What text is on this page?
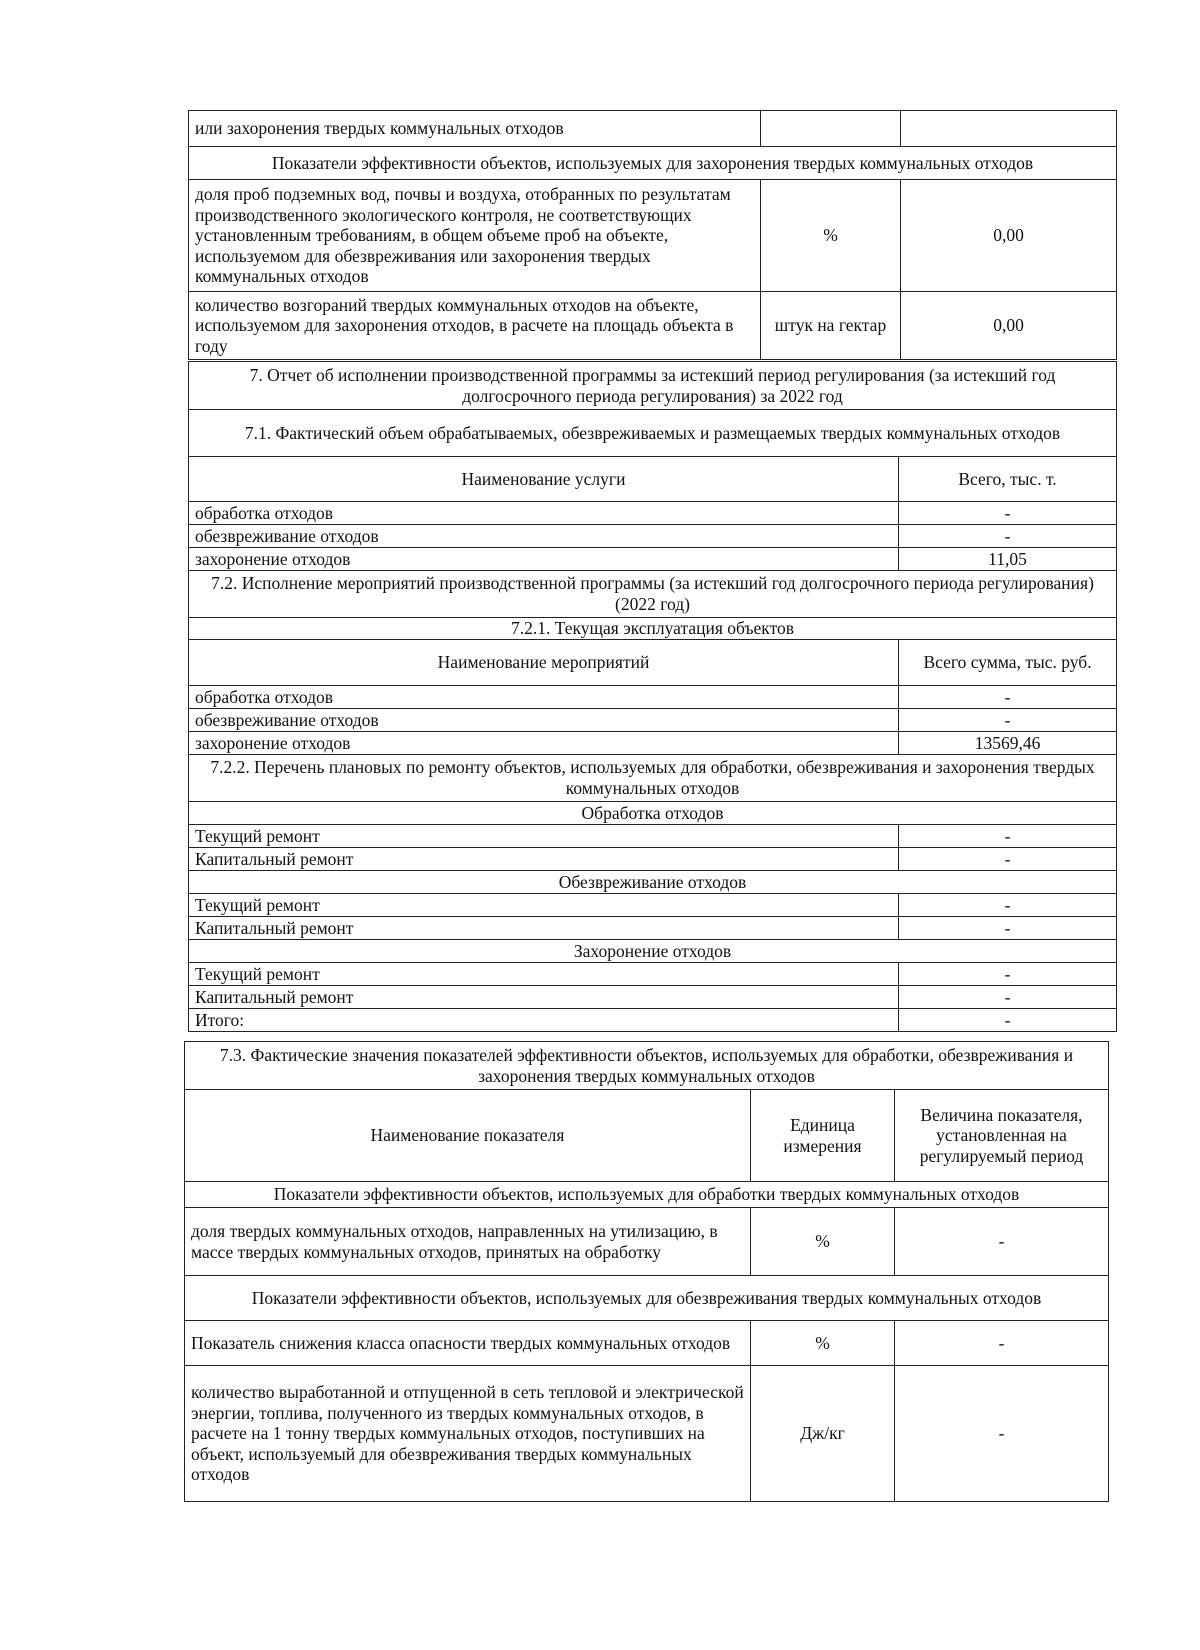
или захоронения твердых коммунальных отходов		
Показатели эффективности объектов, используемых для захоронения твердых коммунальных отходов		
доля проб подземных вод, почвы и воздуха, отобранных по результатам производственного экологического контроля, не соответствующих установленным требованиям, в общем объеме проб на объекте, используемом для обезвреживания или захоронения твердых коммунальных отходов	%	0,00
количество возгораний твердых коммунальных отходов на объекте, используемом для захоронения отходов, в расчете на площадь объекта в году	штук на гектар	0,00
7. Отчет об исполнении производственной программы за истекший период регулирования (за истекший год долгосрочного периода регулирования) за 2022 год	
7.1. Фактический объем обрабатываемых, обезвреживаемых и размещаемых твердых коммунальных отходов	
Наименование услуги	Всего, тыс. т.
обработка отходов	-
обезвреживание отходов	-
захоронение отходов	11,05
7.2. Исполнение мероприятий производственной программы (за истекший год долгосрочного периода регулирования) (2022 год)	
7.2.1. Текущая эксплуатация объектов	
Наименование мероприятий	Всего сумма, тыс. руб.
обработка отходов	-
обезвреживание отходов	-
захоронение отходов	13569,46
7.2.2. Перечень плановых по ремонту объектов, используемых для обработки, обезвреживания и захоронения твердых коммунальных отходов	
Обработка отходов	
Текущий ремонт	-
Капитальный ремонт	-
Обезвреживание отходов	
Текущий ремонт	-
Капитальный ремонт	-
Захоронение отходов	
Текущий ремонт	-
Капитальный ремонт	-
Итого:	-
7.3. Фактические значения показателей эффективности объектов, используемых для обработки, обезвреживания и захоронения твердых коммунальных отходов		
Наименование показателя	Единица измерения	Величина показателя, установленная на регулируемый период
Показатели эффективности объектов, используемых для обработки твердых коммунальных отходов		
доля твердых коммунальных отходов, направленных на утилизацию, в массе твердых коммунальных отходов, принятых на обработку	%	-
Показатели эффективности объектов, используемых для обезвреживания твердых коммунальных отходов		
Показатель снижения класса опасности твердых коммунальных отходов	%	-
количество выработанной и отпущенной в сеть тепловой и электрической энергии, топлива, полученного из твердых коммунальных отходов, в расчете на 1 тонну твердых коммунальных отходов, поступивших на объект, используемый для обезвреживания твердых коммунальных отходов	Дж/кг	-
